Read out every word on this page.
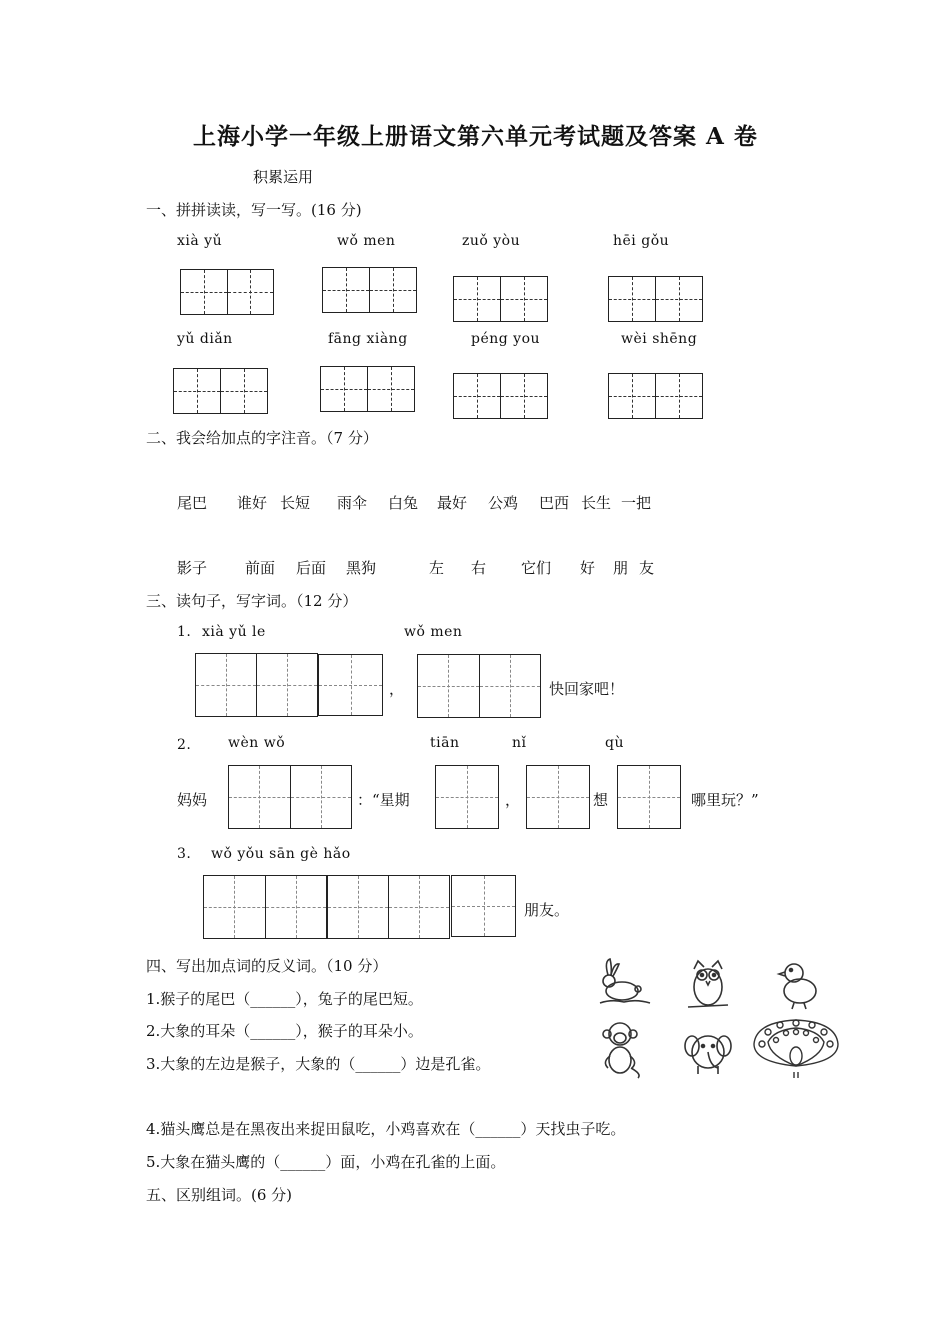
上海小学一年级上册语文第六单元考试题及答案 A 卷
积累运用
一、拼拼读读，写一写。(16 分)
xià yǔ	wǒ men	zuǒ yòu	hēi gǒu
yǔ diǎn	fāng xiàng	péng you	wèi shēng
二、我会给加点的字注音。（7 分）
尾巴 谁好 长短 雨伞 白兔 最好 公鸡 巴西 长生 一把
影子	前面 后面 黑狗	左 右 它们 好 朋 友
三、读句子，写字词。（12 分）
1. xià yǔ le	wǒ men
，	快回家吧！
2.	wèn wǒ	tiān	nǐ	qù
妈妈	：“星期	，	想	哪里玩？”
3. wǒ yǒu sān gè hǎo
朋友。
四、写出加点词的反义词。（10 分）
1.猴子的尾巴（______），兔子的尾巴短。
2.大象的耳朵（______），猴子的耳朵小。
3.大象的左边是猴子，大象的（______）边是孔雀。
4.猫头鹰总是在黑夜出来捉田鼠吃，小鸡喜欢在（______）天找虫子吃。
5.大象在猫头鹰的（______）面，小鸡在孔雀的上面。
五、区别组词。(6 分)
